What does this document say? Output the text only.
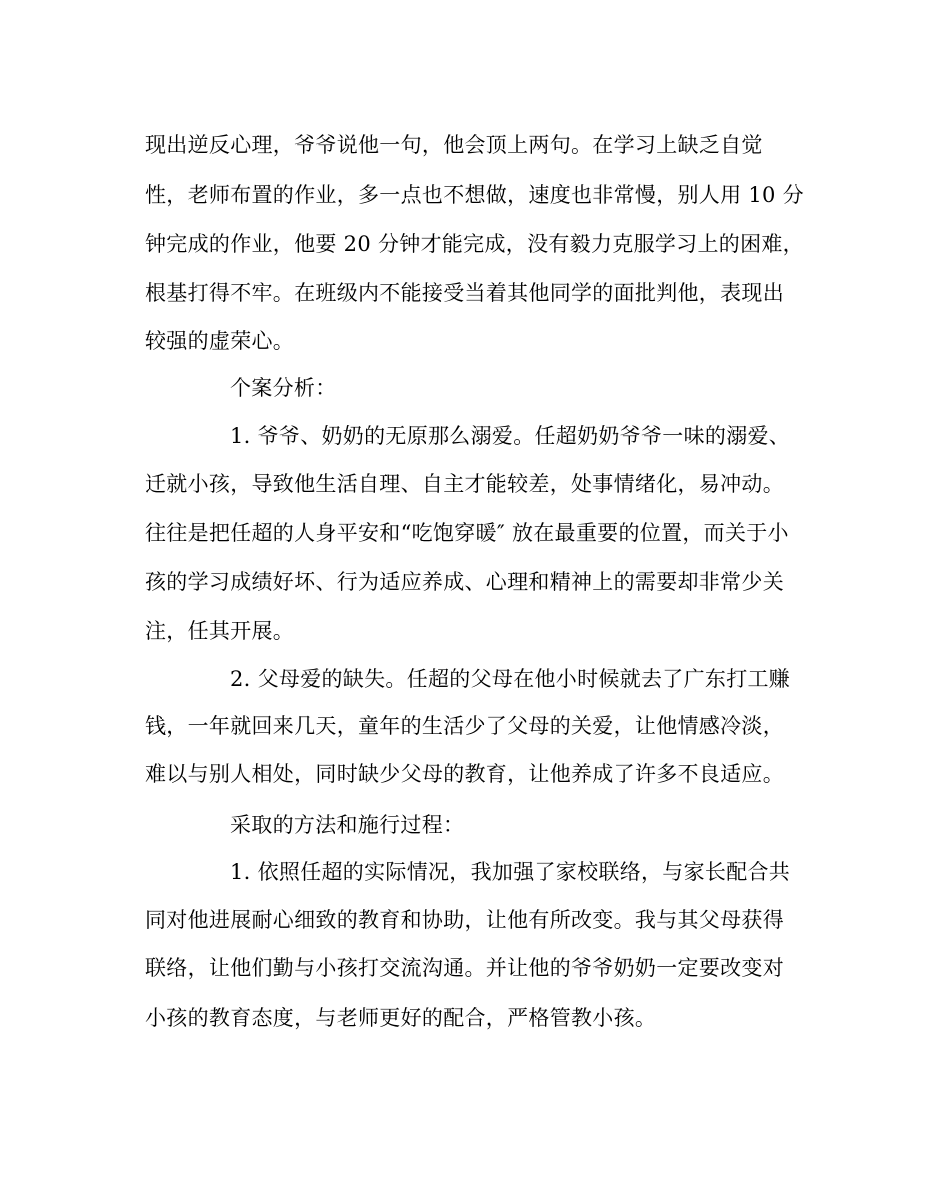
现出逆反心理，爷爷说他一句，他会顶上两句。在学习上缺乏自觉
性，老师布置的作业，多一点也不想做，速度也非常慢，别人用 10 分
钟完成的作业，他要 20 分钟才能完成，没有毅力克服学习上的困难，
根基打得不牢。在班级内不能接受当着其他同学的面批判他，表现出
较强的虚荣心。
个案分析：
1. 爷爷、奶奶的无原那么溺爱。任超奶奶爷爷一味的溺爱、
迁就小孩，导致他生活自理、自主才能较差，处事情绪化，易冲动。
往往是把任超的人身平安和“吃饱穿暖″ 放在最重要的位置，而关于小
孩的学习成绩好坏、行为适应养成、心理和精神上的需要却非常少关
注，任其开展。
2. 父母爱的缺失。任超的父母在他小时候就去了广东打工赚
钱，一年就回来几天，童年的生活少了父母的关爱，让他情感冷淡，
难以与别人相处，同时缺少父母的教育，让他养成了许多不良适应。
采取的方法和施行过程：
1. 依照任超的实际情况，我加强了家校联络，与家长配合共
同对他进展耐心细致的教育和协助，让他有所改变。我与其父母获得
联络，让他们勤与小孩打交流沟通。并让他的爷爷奶奶一定要改变对
小孩的教育态度，与老师更好的配合，严格管教小孩。
